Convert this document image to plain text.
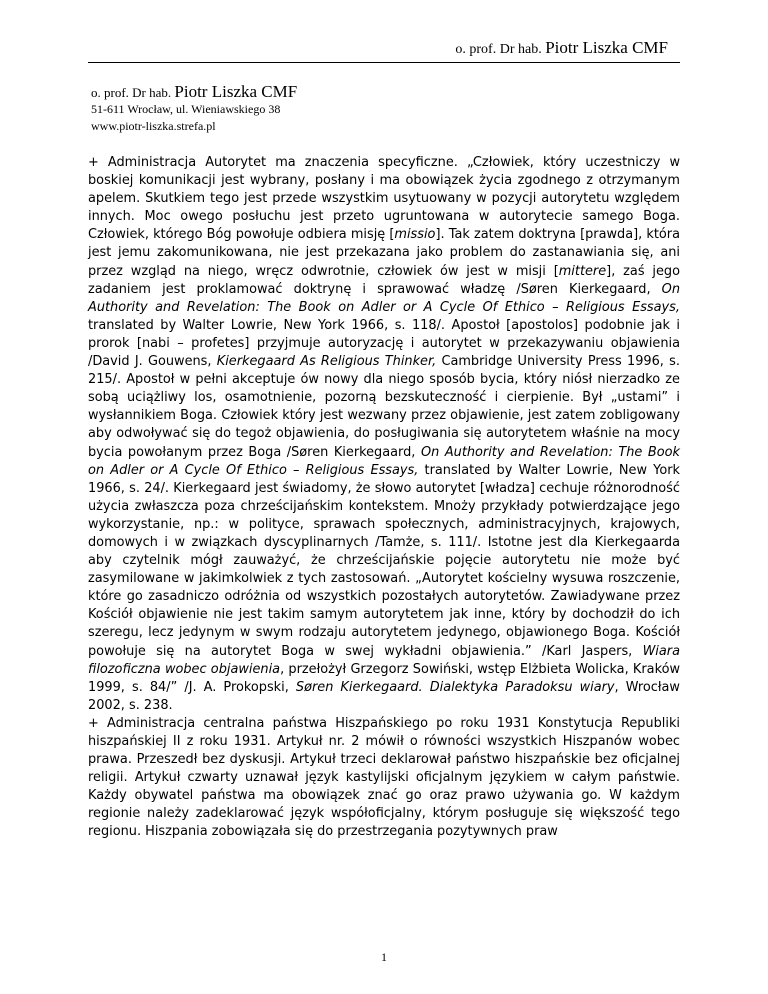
o. prof. Dr hab. Piotr Liszka CMF
o. prof. Dr hab. Piotr Liszka CMF
51-611 Wrocław, ul. Wieniawskiego 38
www.piotr-liszka.strefa.pl

+ Administracja Autorytet ma znaczenia specyficzne. „Człowiek, który uczestniczy w boskiej komunikacji jest wybrany, posłany i ma obowiązek życia zgodnego z otrzymanym apelem. Skutkiem tego jest przede wszystkim usytuowany w pozycji autorytetu względem innych. Moc owego posłuchu jest przeto ugruntowana w autorytecie samego Boga. Człowiek, którego Bóg powołuje odbiera misję [missio]. Tak zatem doktryna [prawda], która jest jemu zakomunikowana, nie jest przekazana jako problem do zastanawiania się, ani przez wzgląd na niego, wręcz odwrotnie, człowiek ów jest w misji [mittere], zaś jego zadaniem jest proklamować doktrynę i sprawować władzę /Søren Kierkegaard, On Authority and Revelation: The Book on Adler or A Cycle Of Ethico – Religious Essays, translated by Walter Lowrie, New York 1966, s. 118/. Apostoł [apostolos] podobnie jak i prorok [nabi – profetes] przyjmuje autoryzację i autorytet w przekazywaniu objawienia /David J. Gouwens, Kierkegaard As Religious Thinker, Cambridge University Press 1996, s. 215/. Apostoł w pełni akceptuje ów nowy dla niego sposób bycia, który niósł nierzadko ze sobą uciążliwy los, osamotnienie, pozorną bezskuteczność i cierpienie. Był „ustami” i wysłannikiem Boga. Człowiek który jest wezwany przez objawienie, jest zatem zobligowany aby odwoływać się do tegoż objawienia, do posługiwania się autorytetem właśnie na mocy bycia powołanym przez Boga /Søren Kierkegaard, On Authority and Revelation: The Book on Adler or A Cycle Of Ethico – Religious Essays, translated by Walter Lowrie, New York 1966, s. 24/. Kierkegaard jest świadomy, że słowo autorytet [władza] cechuje różnorodność użycia zwłaszcza poza chrześcijańskim kontekstem. Mnoży przykłady potwierdzające jego wykorzystanie, np.: w polityce, sprawach społecznych, administracyjnych, krajowych, domowych i w związkach dyscyplinarnych /Tamże, s. 111/. Istotne jest dla Kierkegaarda aby czytelnik mógł zauważyć, że chrześcijańskie pojęcie autorytetu nie może być zasymilowane w jakimkolwiek z tych zastosowań. „Autorytet kościelny wysuwa roszczenie, które go zasadniczo odróżnia od wszystkich pozostałych autorytetów. Zawiadywane przez Kościół objawienie nie jest takim samym autorytetem jak inne, który by dochodził do ich szeregu, lecz jedynym w swym rodzaju autorytetem jedynego, objawionego Boga. Kościół powołuje się na autorytet Boga w swej wykładni objawienia.” /Karl Jaspers, Wiara filozoficzna wobec objawienia, przełożył Grzegorz Sowiński, wstęp Elżbieta Wolicka, Kraków 1999, s. 84/” /J. A. Prokopski, Søren Kierkegaard. Dialektyka Paradoksu wiary, Wrocław 2002, s. 238.

+ Administracja centralna państwa Hiszpańskiego po roku 1931 Konstytucja Republiki hiszpańskiej II z roku 1931. Artykuł nr. 2 mówił o równości wszystkich Hiszpanów wobec prawa. Przeszedł bez dyskusji. Artykuł trzeci deklarował państwo hiszpańskie bez oficjalnej religii. Artykuł czwarty uznawał język kastylijski oficjalnym językiem w całym państwie. Każdy obywatel państwa ma obowiązek znać go oraz prawo używania go. W każdym regionie należy zadeklarować język współoficjalny, którym posługuje się większość tego regionu. Hiszpania zobowiązała się do przestrzegania pozytywnych praw

1
